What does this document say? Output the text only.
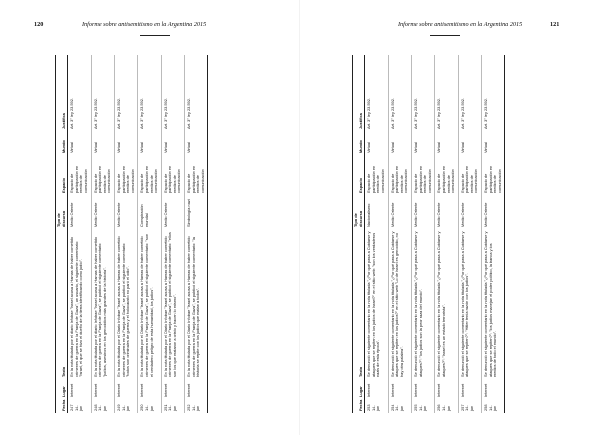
120	Informe sobre antisemitismo en la Argentina 2015
Fecha	Lugar	Texto	Tipo de discurso	Espacio	Mundo	Justifica
247 14-jun	Internet	En la nota titulada por el diario Infobae "Israel acusa a Hamas de haber cometido crímenes de guerra en la Franja de Gaza", un usuario, el siguiente comentario: "Israel, el que se hizo el dueño de la tierra identificando como judío".	Medio Oriente	Espacio de participación en medios de comunicación	Virtual	Art. 3° ley 23.592.
248 14-jun	Internet	En la nota titulada por el diario Infobae "Israel acusa a Hamas de haber cometido crímenes de guerra en la Franja de Gaza", se publicó el siguiente comentario: "judíos, asesinos en los genocidios más grandes de la historia".	Medio Oriente	Espacio de participación en medios de comunicación	Virtual	Art. 3° ley 23.592.
249 14-jun	Internet	En la nota titulada por el Diario Infobae "Israel acusa a Hamas de haber cometido crímenes de guerra en la Franja de Gaza", se publicó el siguiente comentario: "todos son criminales de guerra y el holocausto no paró el odio".	Medio Oriente	Espacio de participación en medios de comunicación	Virtual	Art. 3° ley 23.592.
250 14-jun	Internet	En la nota titulada por el Diario Infobae "Israel acusa a Hamas de haber cometido crímenes de guerra en la Franja de Gaza", se publicó el siguiente comentario: "son el verdadero peligro de esta humanidad, los judíos".	Conspiración mundial	Espacio de participación en medios de comunicación	Virtual	Art. 3° ley 23.592.
251 14-jun	Internet	En la nota titulada por el Diario Infobae "Israel acusa a Hamas de haber cometido crímenes de guerra en la Franja de Gaza", se publicó el siguiente comentario: "ellos son los que mataron a cristo y hacen lo mismo".	Medio Oriente	Espacio de participación en medios de comunicación	Virtual	Art. 3° ley 23.592.
252 14-jun	Internet	En la nota titulada por el Diario Infobae "Israel acusa a Hamas de haber cometido crímenes de guerra en la Franja de Gaza", se publicó el siguiente comentario: "la historia se repite con los judíos que matan a todos".	Simbología nazi	Espacio de participación en medios de comunicación	Virtual	Art. 3° ley 23.592.
Informe sobre antisemitismo en la Argentina 2015	121
Fecha	Lugar	Texto	Tipo de discurso	Espacio	Mundo	Justifica
253 14-jun	Internet	Se denunció el siguiente comentario en la nota titulada "¿Por qué pasa a Cuidarse y ataques que se repiten en los judíos de Israel?" en el sitio web: "son los verdaderos nazis de esta época".	Nacionalismo	Espacio de participación en medios de comunicación	Virtual	Art. 3° ley 23.592.
254 14-jun	Internet	Se denunció el siguiente comentario en la nota titulada "¿Por qué pasa a Cuidarse y ataques que se repiten en los judíos?" en el sitio web "Lo de Israel es genocidio, no hay otra palabra".	Medio Oriente	Espacio de participación en medios de comunicación	Virtual	Art. 3° ley 23.592.
255 14-jun	Internet	Se denunció el siguiente comentario en la nota titulada "¿Por qué pasa a Cuidarse y ataques?": "los judíos son la peor raza del mundo".	Medio Oriente	Espacio de participación en medios de comunicación	Virtual	Art. 3° ley 23.592.
256 14-jun	Internet	Se denunció el siguiente comentario en la nota titulada "¿Por qué pasa a Cuidarse y ataques?": "Israel es un estado terrorista".	Medio Oriente	Espacio de participación en medios de comunicación	Virtual	Art. 3° ley 23.592.
257 14-jun	Internet	Se denunció el siguiente comentario en la nota titulada "¿Por qué pasa a Cuidarse y ataques que se repiten?": "Hitler tenía razón con los judíos".	Medio Oriente	Espacio de participación en medios de comunicación	Virtual	Art. 3° ley 23.592.
258 14-jun	Internet	Se denunció el siguiente comentario en la nota titulada "¿Por qué pasa a Cuidarse y ataques que se repiten?": "los judíos manejan el poder político, la banca y los medios de todo el mundo".	Medio Oriente	Espacio de participación en medios de comunicación	Virtual	Art. 3° ley 23.592.
